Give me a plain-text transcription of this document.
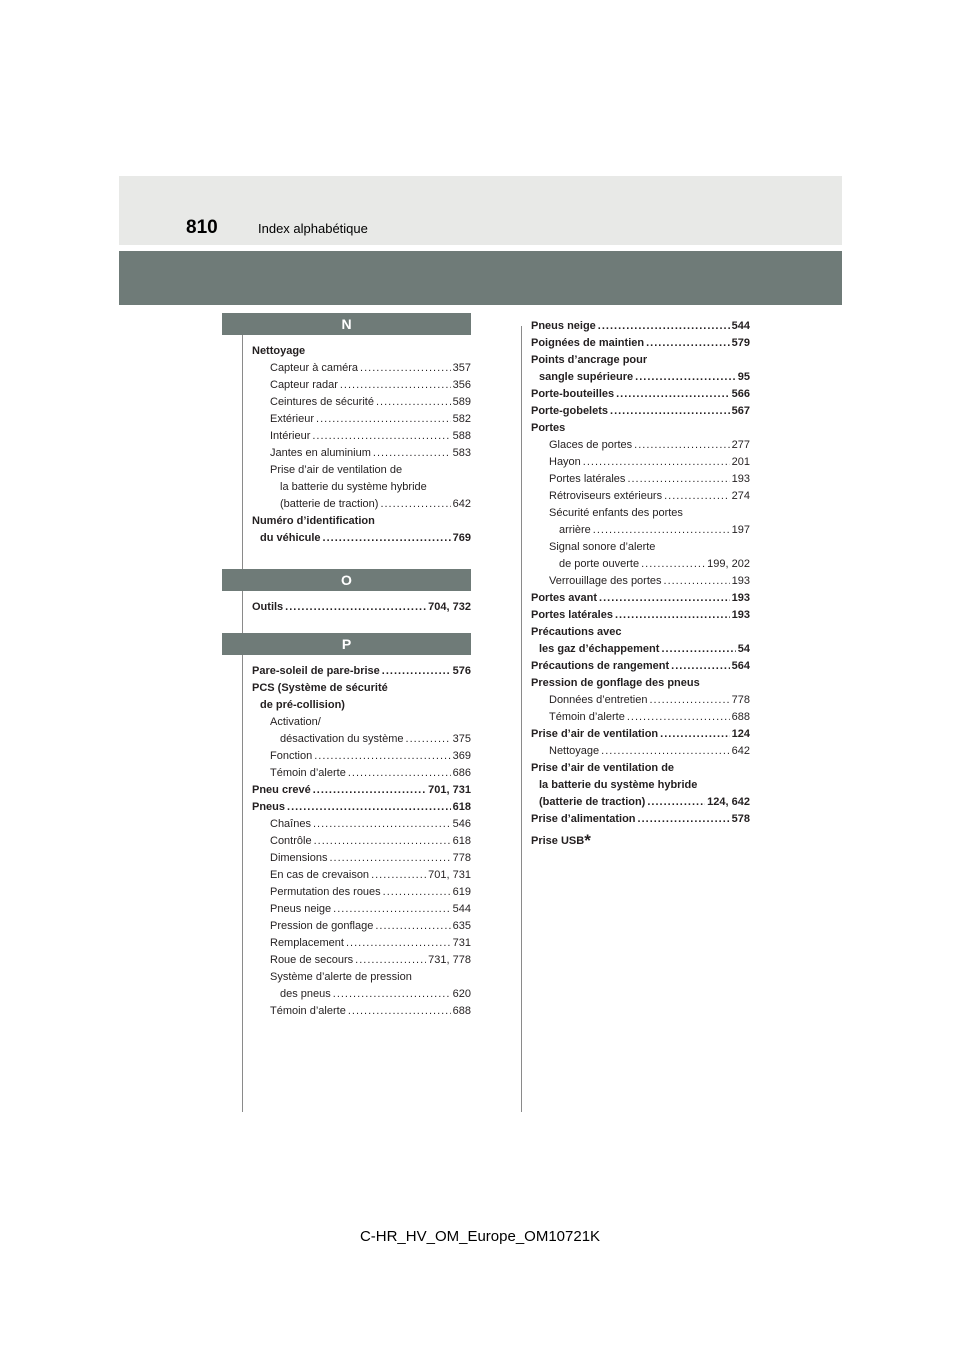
810	Index alphabétique
N
Nettoyage
Capteur à caméra .....	357
Capteur radar .....	356
Ceintures de sécurité .....	589
Extérieur .....	582
Intérieur .....	588
Jantes en aluminium .....	583
Prise d’air de ventilation de
la batterie du système hybride
(batterie de traction) .....	642
Numéro d’identification
du véhicule .....	769
O
Outils .....	704, 732
P
Pare-soleil de pare-brise .....	576
PCS (Système de sécurité
de pré-collision)
Activation/
désactivation du système .....	375
Fonction .....	369
Témoin d’alerte .....	686
Pneu crevé .....	701, 731
Pneus .....	618
Chaînes .....	546
Contrôle .....	618
Dimensions .....	778
En cas de crevaison .....	701, 731
Permutation des roues .....	619
Pneus neige .....	544
Pression de gonflage .....	635
Remplacement .....	731
Roue de secours .....	731, 778
Système d’alerte de pression
des pneus .....	620
Témoin d’alerte .....	688
Pneus neige .....	544
Poignées de maintien .....	579
Points d’ancrage pour
sangle supérieure .....	95
Porte-bouteilles .....	566
Porte-gobelets .....	567
Portes
Glaces de portes .....	277
Hayon .....	201
Portes latérales .....	193
Rétroviseurs extérieurs .....	274
Sécurité enfants des portes
arrière .....	197
Signal sonore d’alerte
de porte ouverte .....	199, 202
Verrouillage des portes .....	193
Portes avant .....	193
Portes latérales .....	193
Précautions avec
les gaz d’échappement .....	54
Précautions de rangement .....	564
Pression de gonflage des pneus
Données d’entretien .....	778
Témoin d’alerte .....	688
Prise d’air de ventilation .....	124
Nettoyage .....	642
Prise d’air de ventilation de
la batterie du système hybride
(batterie de traction) .....	124, 642
Prise d’alimentation .....	578
Prise USB*
C-HR_HV_OM_Europe_OM10721K
